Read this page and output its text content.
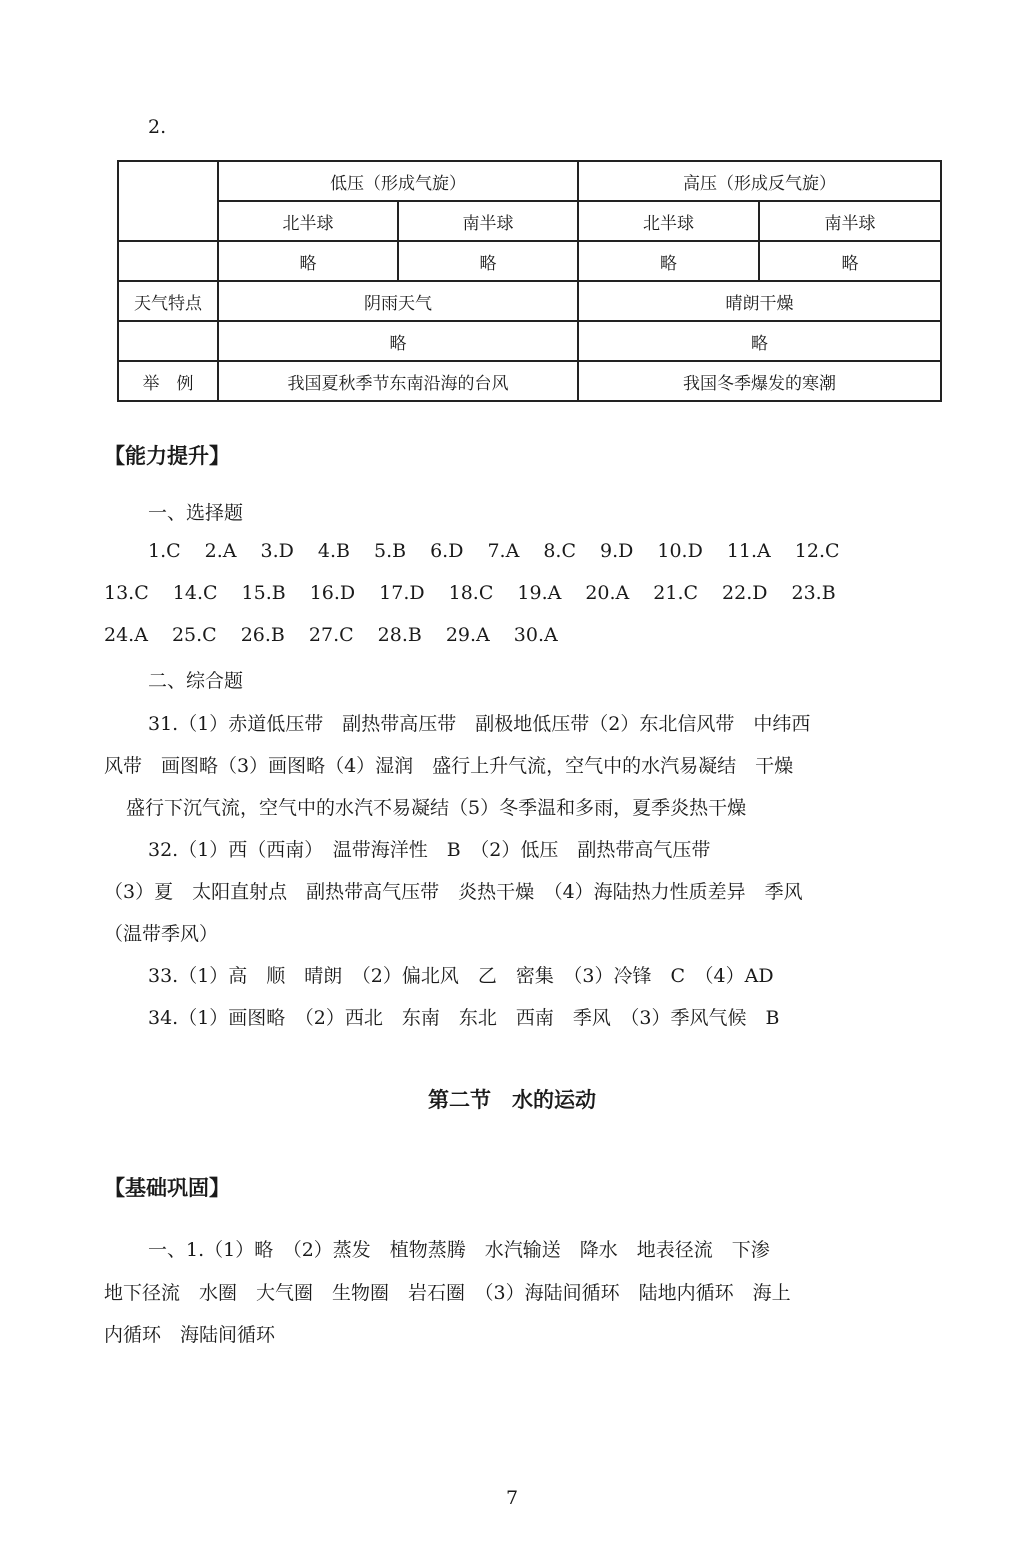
2.
	低压（形成气旋）		高压（形成反气旋）	
	北半球	南半球	北半球	南半球
	略	略	略	略
天气特点	阴雨天气		晴朗干燥	
	略		略	
举　例	我国夏秋季节东南沿海的台风		我国冬季爆发的寒潮	
【能力提升】
一、选择题
1.C 2.A 3.D 4.B 5.B 6.D 7.A 8.C 9.D 10.D 11.A 12.C
13.C 14.C 15.B 16.D 17.D 18.C 19.A 20.A 21.C 22.D 23.B
24.A 25.C 26.B 27.C 28.B 29.A 30.A
二、综合题
31.（1）赤道低压带　副热带高压带　副极地低压带（2）东北信风带　中纬西
风带　画图略（3）画图略（4）湿润　盛行上升气流，空气中的水汽易凝结　干燥
盛行下沉气流，空气中的水汽不易凝结（5）冬季温和多雨，夏季炎热干燥
32.（1）西（西南）　温带海洋性　B　（2）低压　副热带高气压带
（3）夏　太阳直射点　副热带高气压带　炎热干燥　（4）海陆热力性质差异　季风
（温带季风）
33.（1）高　顺　晴朗　（2）偏北风　乙　密集　（3）冷锋　C　（4）AD
34.（1）画图略　（2）西北　东南　东北　西南　季风　（3）季风气候　B
第二节　水的运动
【基础巩固】
一、1.（1）略　（2）蒸发　植物蒸腾　水汽输送　降水　地表径流　下渗
地下径流　水圈　大气圈　生物圈　岩石圈　（3）海陆间循环　陆地内循环　海上
内循环　海陆间循环
7
